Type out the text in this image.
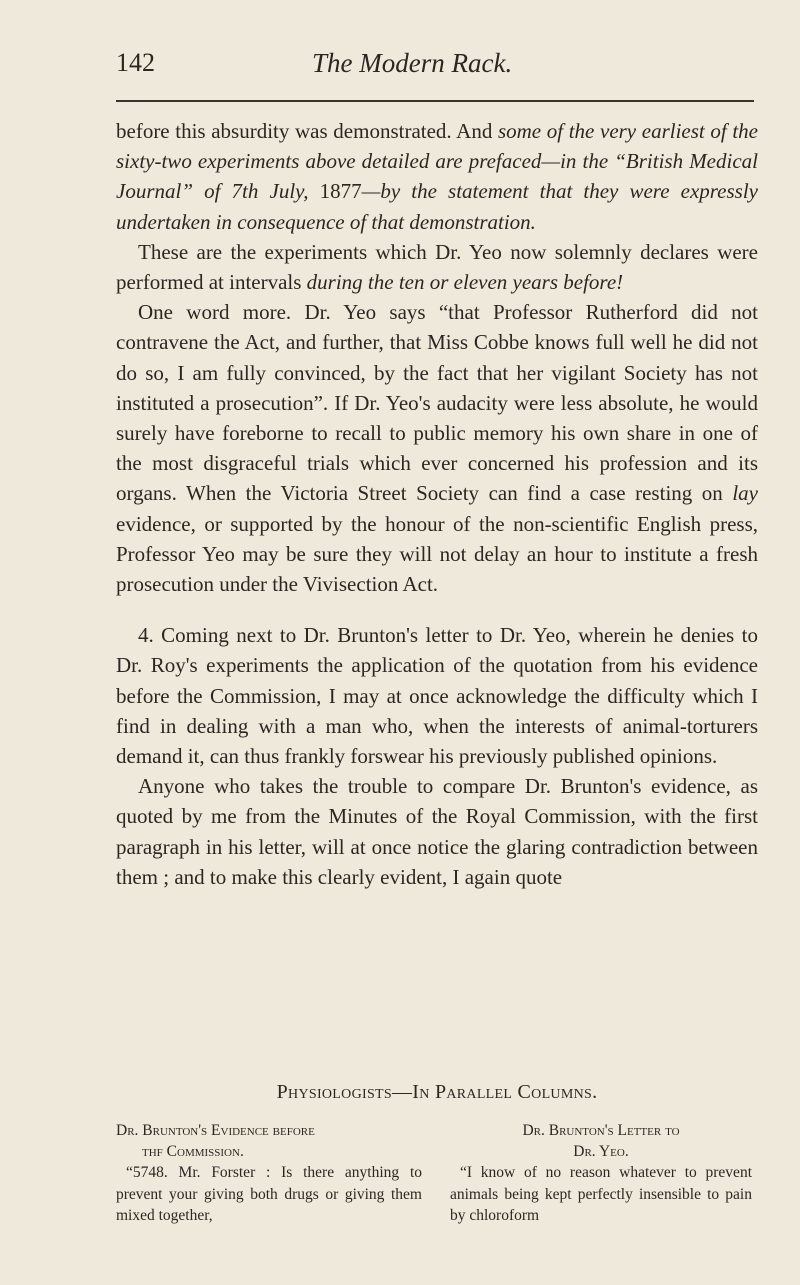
142	The Modern Rack.

before this absurdity was demonstrated. And some of the very earliest of the sixty-two experiments above detailed are prefaced—in the “British Medical Journal” of 7th July, 1877—by the statement that they were expressly undertaken in consequence of that demonstration.

These are the experiments which Dr. Yeo now solemnly declares were performed at intervals during the ten or eleven years before!

One word more. Dr. Yeo says “that Professor Rutherford did not contravene the Act, and further, that Miss Cobbe knows full well he did not do so, I am fully convinced, by the fact that her vigilant Society has not instituted a prosecution”. If Dr. Yeo's audacity were less absolute, he would surely have foreborne to recall to public memory his own share in one of the most disgraceful trials which ever concerned his profession and its organs. When the Victoria Street Society can find a case resting on lay evidence, or supported by the honour of the non-scientific English press, Professor Yeo may be sure they will not delay an hour to institute a fresh prosecution under the Vivisection Act.

4. Coming next to Dr. Brunton's letter to Dr. Yeo, wherein he denies to Dr. Roy's experiments the application of the quotation from his evidence before the Commission, I may at once acknowledge the difficulty which I find in dealing with a man who, when the interests of animal-torturers demand it, can thus frankly forswear his previously published opinions.

Anyone who takes the trouble to compare Dr. Brunton's evidence, as quoted by me from the Minutes of the Royal Commission, with the first paragraph in his letter, will at once notice the glaring contradiction between them ; and to make this clearly evident, I again quote

Physiologists—In Parallel Columns.
Dr. Brunton's Evidence before
thf Commission.
“5748. Mr. Forster : Is there anything to prevent your giving both drugs or giving them mixed together,
Dr. Brunton's Letter to
Dr. Yeo.
“I know of no reason whatever to prevent animals being kept perfectly insensible to pain by chloroform
